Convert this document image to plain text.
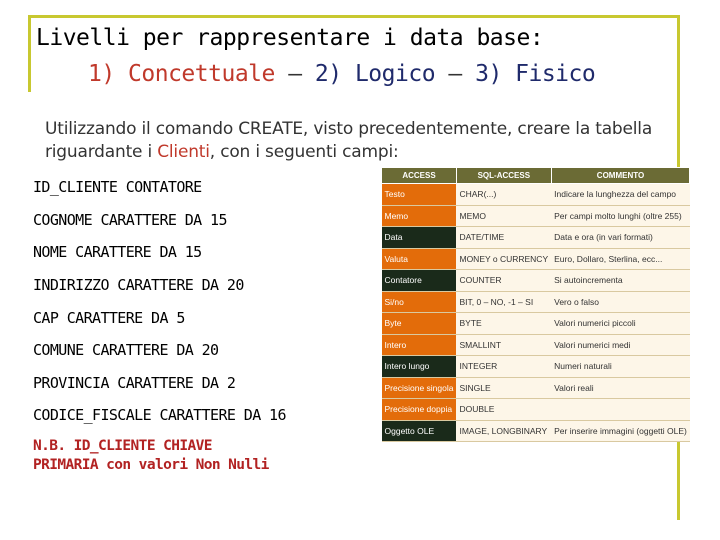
Livelli per rappresentare i data base:
1) Concettuale – 2) Logico – 3) Fisico
Utilizzando il comando CREATE, visto precedentemente, creare la tabella riguardante i Clienti, con i seguenti campi:
ID_CLIENTE CONTATORE
COGNOME CARATTERE DA 15
NOME CARATTERE DA 15
INDIRIZZO CARATTERE DA 20
CAP CARATTERE DA 5
COMUNE CARATTERE DA 20
PROVINCIA CARATTERE DA 2
CODICE_FISCALE CARATTERE DA 16
N.B. ID_CLIENTE CHIAVE
PRIMARIA con valori Non Nulli
ACCESS	SQL-ACCESS	COMMENTO
Testo	CHAR(...)	Indicare la lunghezza del campo
Memo	MEMO	Per campi molto lunghi (oltre 255)
Data	DATE/TIME	Data e ora (in vari formati)
Valuta	MONEY o CURRENCY	Euro, Dollaro, Sterlina, ecc...
Contatore	COUNTER	Si autoincrementa
Si/no	BIT, 0 – NO, -1 – SI	Vero o falso
Byte	BYTE	Valori numerici piccoli
Intero	SMALLINT	Valori numerici medi
Intero lungo	INTEGER	Numeri naturali
Precisione singola	SINGLE	Valori reali
Precisione doppia	DOUBLE	
Oggetto OLE	IMAGE, LONGBINARY	Per inserire immagini (oggetti OLE)
